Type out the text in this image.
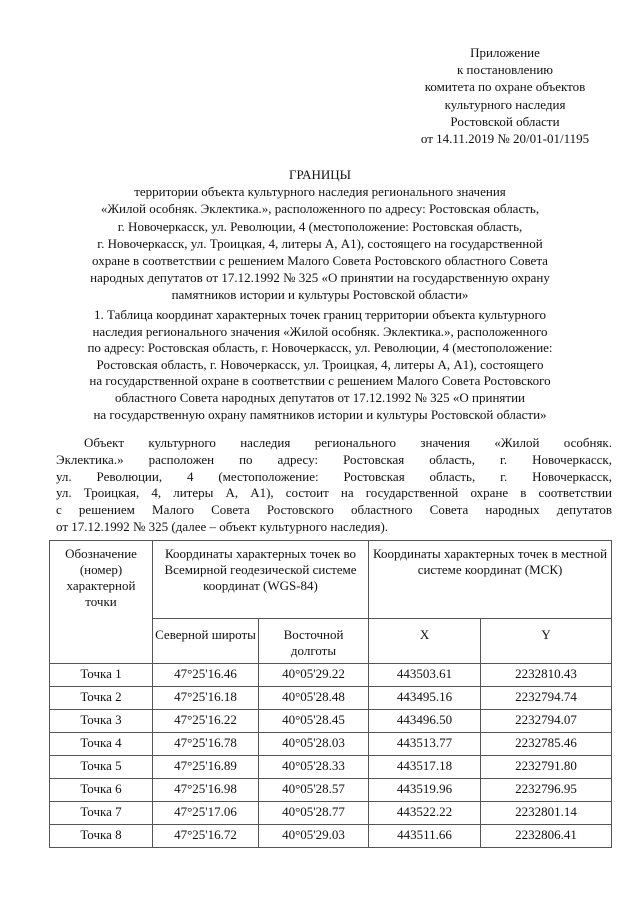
Приложение
к постановлению
комитета по охране объектов
культурного наследия
Ростовской области
от 14.11.2019 № 20/01-01/1195
ГРАНИЦЫ
территории объекта культурного наследия регионального значения
«Жилой особняк. Эклектика.», расположенного по адресу: Ростовская область,
г. Новочеркасск, ул. Революции, 4 (местоположение: Ростовская область,
г. Новочеркасск, ул. Троицкая, 4, литеры А, А1), состоящего на государственной
охране в соответствии с решением Малого Совета Ростовского областного Совета
народных депутатов от 17.12.1992 № 325 «О принятии на государственную охрану
памятников истории и культуры Ростовской области»
1. Таблица координат характерных точек границ территории объекта культурного
наследия регионального значения «Жилой особняк. Эклектика.», расположенного
по адресу: Ростовская область, г. Новочеркасск, ул. Революции, 4 (местоположение:
Ростовская область, г. Новочеркасск, ул. Троицкая, 4, литеры А, А1), состоящего
на государственной охране в соответствии с решением Малого Совета Ростовского
областного Совета народных депутатов от 17.12.1992 № 325 «О принятии
на государственную охрану памятников истории и культуры Ростовской области»
Объект культурного наследия регионального значения «Жилой особняк.
Эклектика.» расположен по адресу: Ростовская область, г. Новочеркасск,
ул. Революции, 4 (местоположение: Ростовская область, г. Новочеркасск,
ул. Троицкая, 4, литеры А, А1), состоит на государственной охране в соответствии
с решением Малого Совета Ростовского областного Совета народных депутатов
от 17.12.1992 № 325 (далее – объект культурного наследия).
Обозначение (номер) характерной точки	Координаты характерных точек во Всемирной геодезической системе координат (WGS-84)		Координаты характерных точек в местной системе координат (МСК)	
	Северной широты	Восточной долготы	X	Y
Точка 1	47°25'16.46	40°05'29.22	443503.61	2232810.43
Точка 2	47°25'16.18	40°05'28.48	443495.16	2232794.74
Точка 3	47°25'16.22	40°05'28.45	443496.50	2232794.07
Точка 4	47°25'16.78	40°05'28.03	443513.77	2232785.46
Точка 5	47°25'16.89	40°05'28.33	443517.18	2232791.80
Точка 6	47°25'16.98	40°05'28.57	443519.96	2232796.95
Точка 7	47°25'17.06	40°05'28.77	443522.22	2232801.14
Точка 8	47°25'16.72	40°05'29.03	443511.66	2232806.41
